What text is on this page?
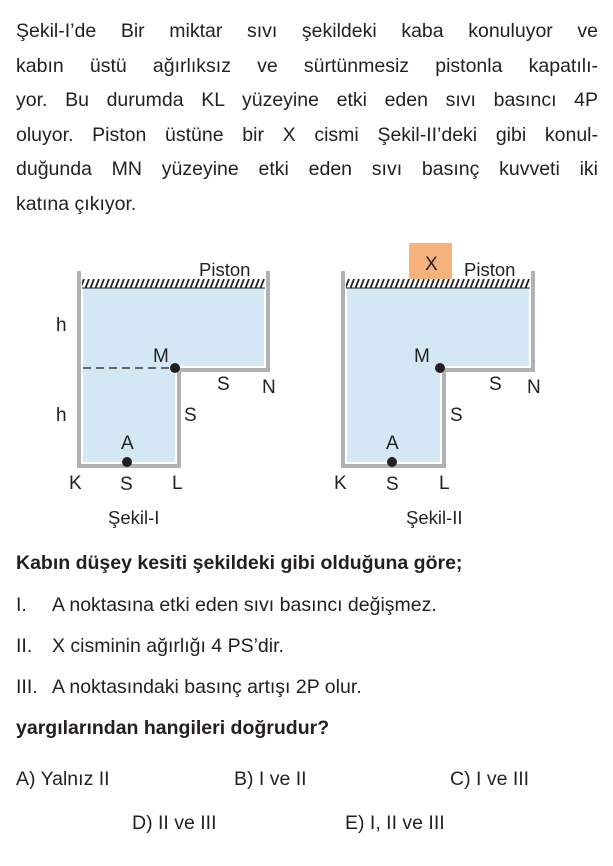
Şekil-I’de Bir miktar sıvı şekildeki kaba konuluyor ve
kabın üstü ağırlıksız ve sürtünmesiz pistonla kapatılı-
yor. Bu durumda KL yüzeyine etki eden sıvı basıncı 4P
oluyor. Piston üstüne bir X cismi Şekil-II’deki gibi konul-
duğunda MN yüzeyine etki eden sıvı basınç kuvveti iki
katına çıkıyor.
Piston
h
h
M
S N
S
A
K S L
Şekil-I
X Piston
M
S N
S
A
K S L
Şekil-II
Kabın düşey kesiti şekildeki gibi olduğuna göre;
I. A noktasına etki eden sıvı basıncı değişmez.
II. X cisminin ağırlığı 4 PS’dir.
III. A noktasındaki basınç artışı 2P olur.
yargılarından hangileri doğrudur?
A) Yalnız II	B) I ve II	C) I ve III
D) II ve III	E) I, II ve III
